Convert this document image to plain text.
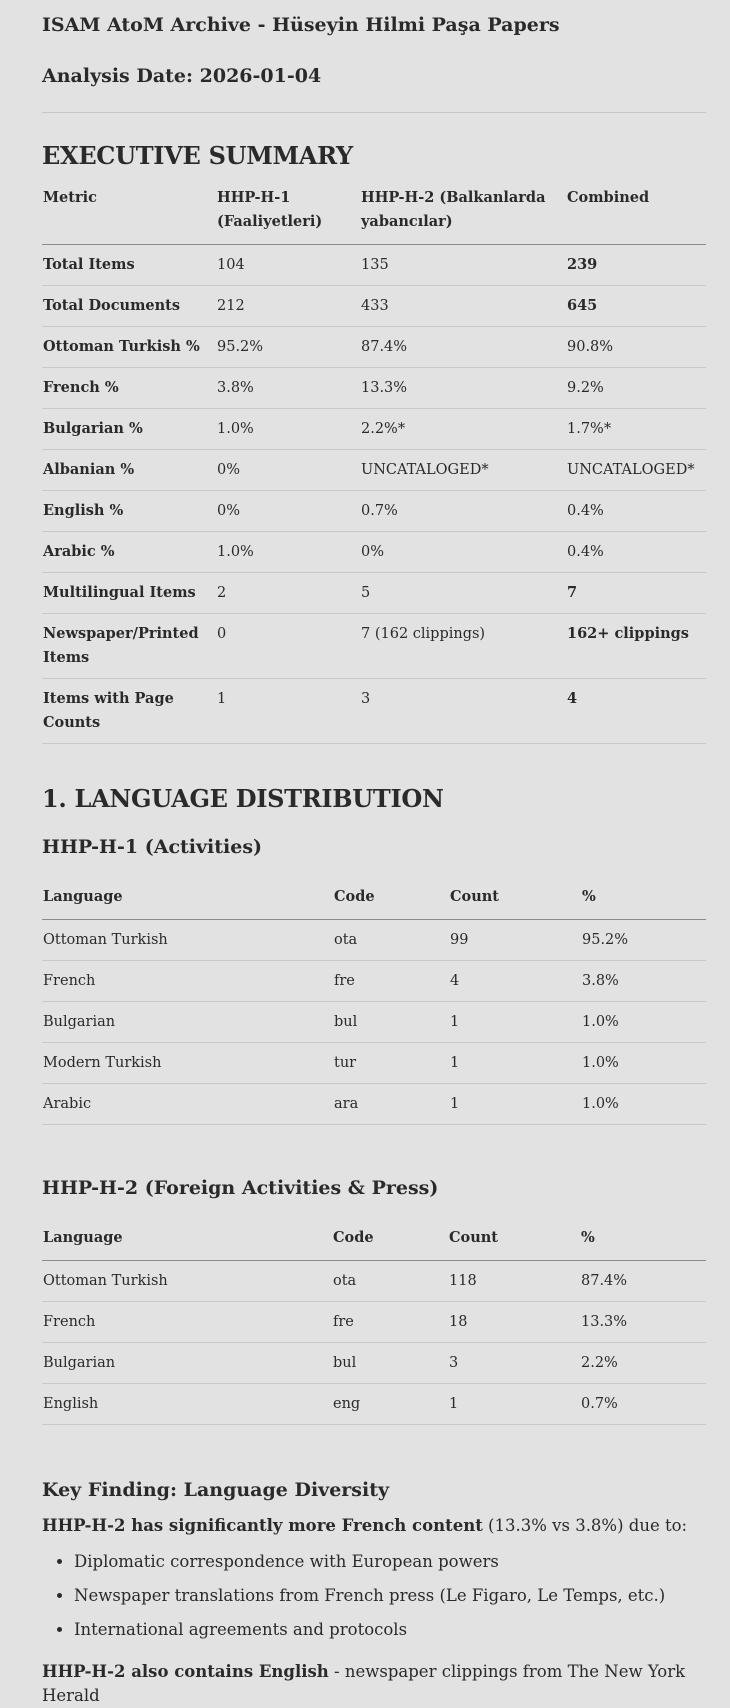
ISAM AtoM Archive - Hüseyin Hilmi Paşa Papers
Analysis Date: 2026-01-04
EXECUTIVE SUMMARY
Metric	HHP-H-1 (Faaliyetleri)	HHP-H-2 (Balkanlarda yabancılar)	Combined
Total Items	104	135	239
Total Documents	212	433	645
Ottoman Turkish %	95.2%	87.4%	90.8%
French %	3.8%	13.3%	9.2%
Bulgarian %	1.0%	2.2%*	1.7%*
Albanian %	0%	UNCATALOGED*	UNCATALOGED*
English %	0%	0.7%	0.4%
Arabic %	1.0%	0%	0.4%
Multilingual Items	2	5	7
Newspaper/Printed Items	0	7 (162 clippings)	162+ clippings
Items with Page Counts	1	3	4
1. LANGUAGE DISTRIBUTION
HHP-H-1 (Activities)
Language	Code	Count	%
Ottoman Turkish	ota	99	95.2%
French	fre	4	3.8%
Bulgarian	bul	1	1.0%
Modern Turkish	tur	1	1.0%
Arabic	ara	1	1.0%
HHP-H-2 (Foreign Activities & Press)
Language	Code	Count	%
Ottoman Turkish	ota	118	87.4%
French	fre	18	13.3%
Bulgarian	bul	3	2.2%
English	eng	1	0.7%
Key Finding: Language Diversity

HHP-H-2 has significantly more French content (13.3% vs 3.8%) due to:

• Diplomatic correspondence with European powers
• Newspaper translations from French press (Le Figaro, Le Temps, etc.)
• International agreements and protocols

HHP-H-2 also contains English - newspaper clippings from The New York Herald
